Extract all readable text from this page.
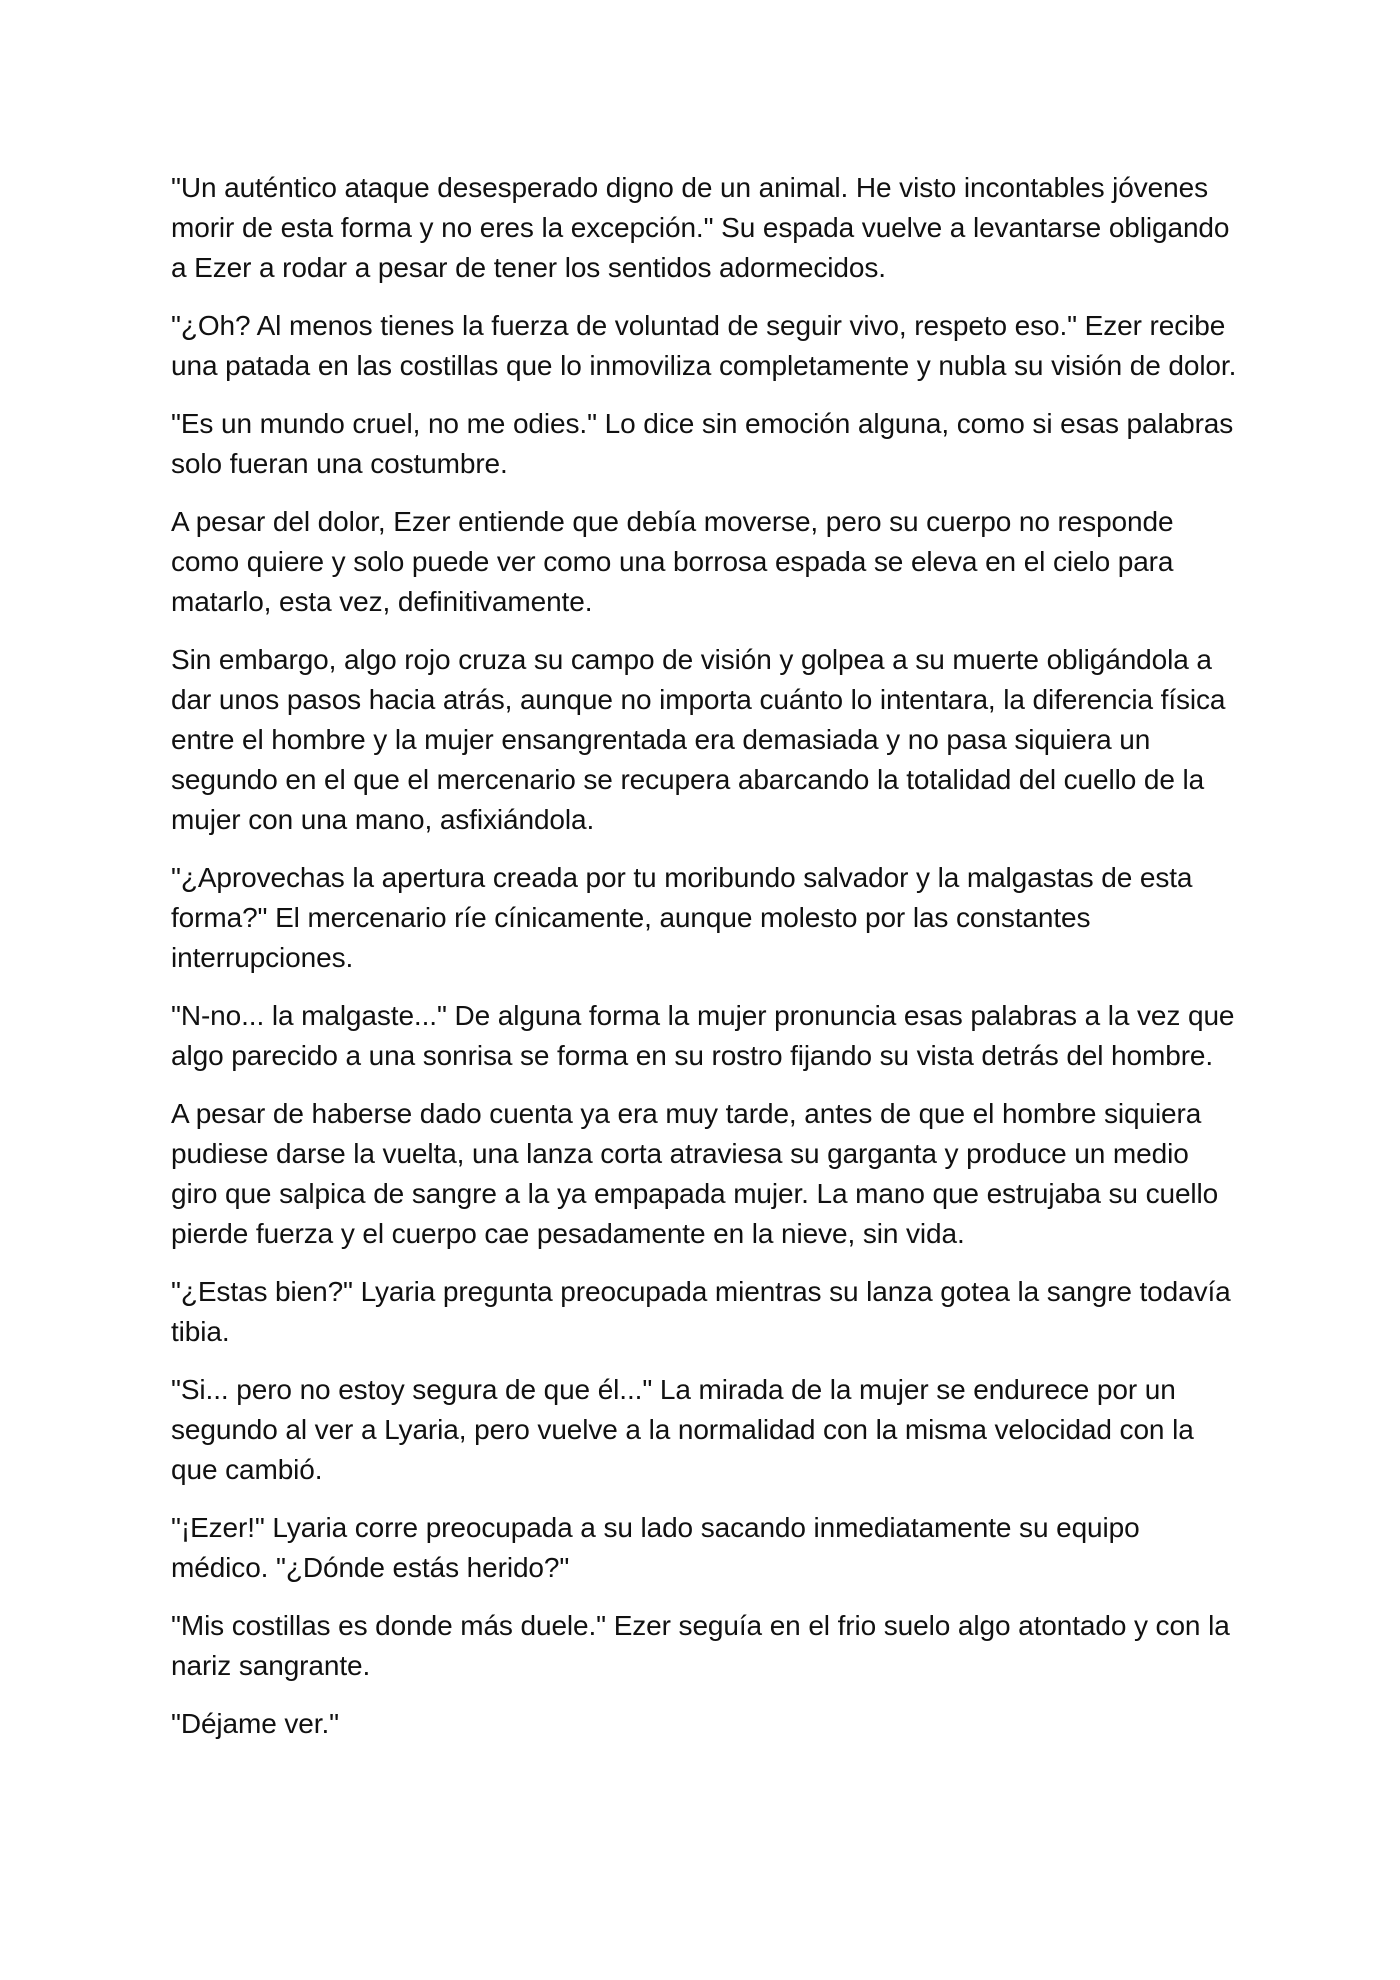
"Un auténtico ataque desesperado digno de un animal. He visto incontables jóvenes morir de esta forma y no eres la excepción." Su espada vuelve a levantarse obligando a Ezer a rodar a pesar de tener los sentidos adormecidos.

"¿Oh? Al menos tienes la fuerza de voluntad de seguir vivo, respeto eso." Ezer recibe una patada en las costillas que lo inmoviliza completamente y nubla su visión de dolor.

"Es un mundo cruel, no me odies." Lo dice sin emoción alguna, como si esas palabras solo fueran una costumbre.

A pesar del dolor, Ezer entiende que debía moverse, pero su cuerpo no responde como quiere y solo puede ver como una borrosa espada se eleva en el cielo para matarlo, esta vez, definitivamente.

Sin embargo, algo rojo cruza su campo de visión y golpea a su muerte obligándola a dar unos pasos hacia atrás, aunque no importa cuánto lo intentara, la diferencia física entre el hombre y la mujer ensangrentada era demasiada y no pasa siquiera un segundo en el que el mercenario se recupera abarcando la totalidad del cuello de la mujer con una mano, asfixiándola.

"¿Aprovechas la apertura creada por tu moribundo salvador y la malgastas de esta forma?" El mercenario ríe cínicamente, aunque molesto por las constantes interrupciones.

"N-no... la malgaste..." De alguna forma la mujer pronuncia esas palabras a la vez que algo parecido a una sonrisa se forma en su rostro fijando su vista detrás del hombre.

A pesar de haberse dado cuenta ya era muy tarde, antes de que el hombre siquiera pudiese darse la vuelta, una lanza corta atraviesa su garganta y produce un medio giro que salpica de sangre a la ya empapada mujer. La mano que estrujaba su cuello pierde fuerza y el cuerpo cae pesadamente en la nieve, sin vida.

"¿Estas bien?" Lyaria pregunta preocupada mientras su lanza gotea la sangre todavía tibia.

"Si... pero no estoy segura de que él..." La mirada de la mujer se endurece por un segundo al ver a Lyaria, pero vuelve a la normalidad con la misma velocidad con la que cambió.

"¡Ezer!" Lyaria corre preocupada a su lado sacando inmediatamente su equipo médico. "¿Dónde estás herido?"

"Mis costillas es donde más duele." Ezer seguía en el frio suelo algo atontado y con la nariz sangrante.

"Déjame ver."
